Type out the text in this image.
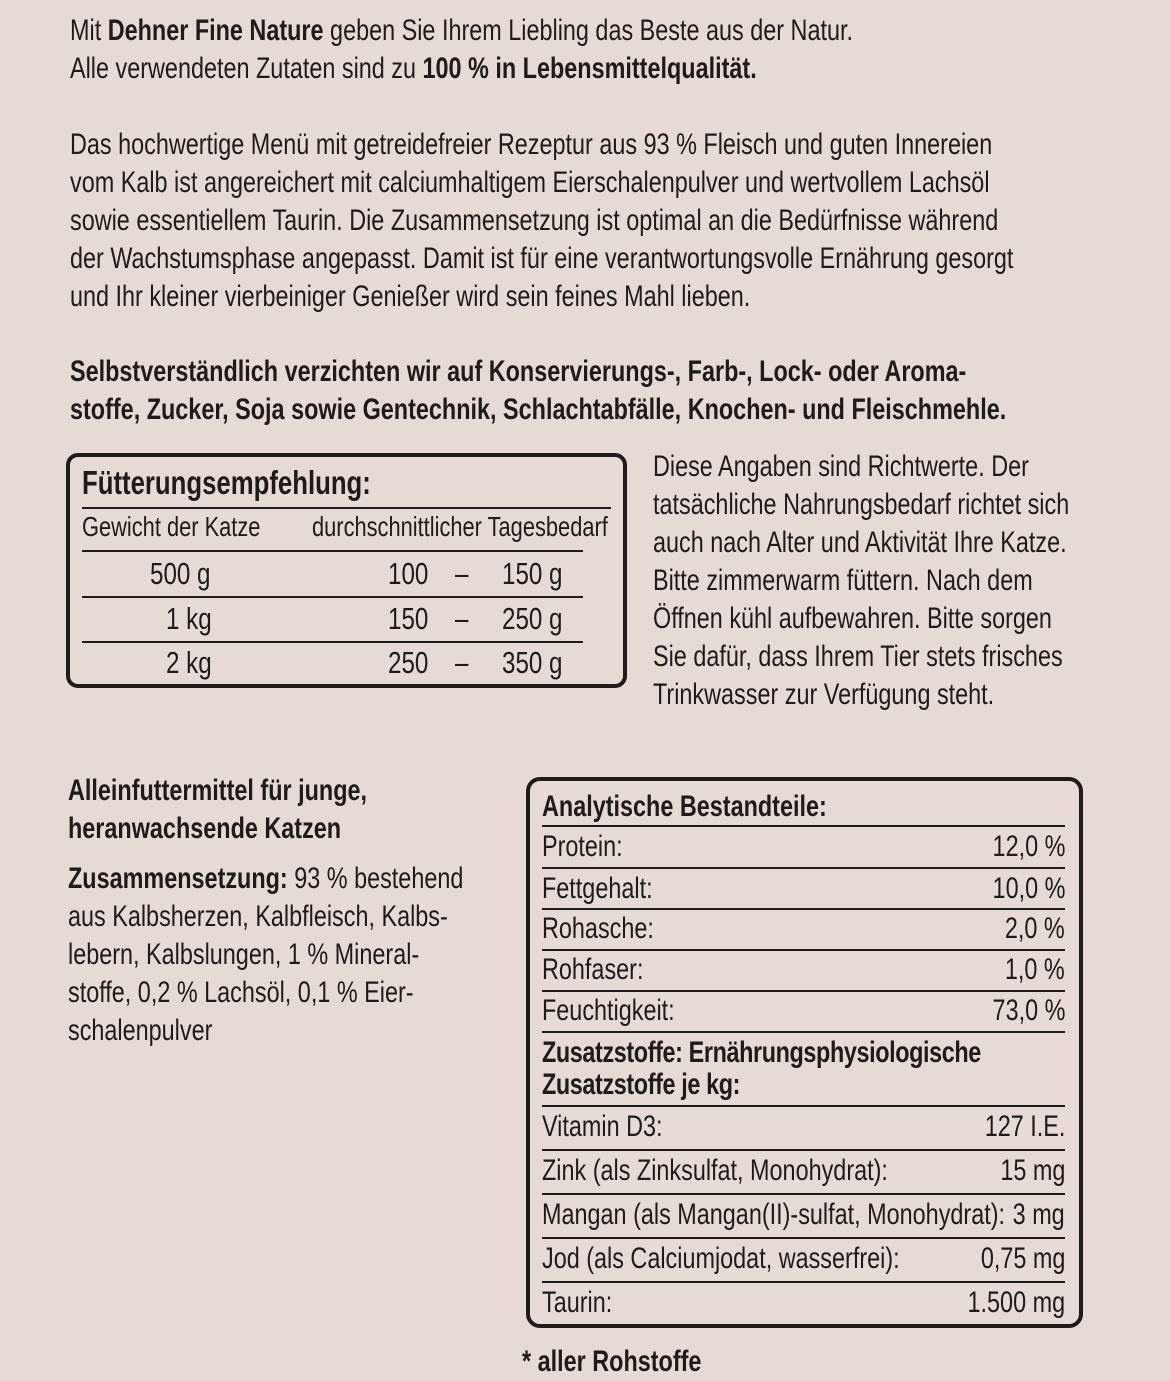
Mit Dehner Fine Nature geben Sie Ihrem Liebling das Beste aus der Natur.
Alle verwendeten Zutaten sind zu 100 % in Lebensmittelqualität.
Das hochwertige Menü mit getreidefreier Rezeptur aus 93 % Fleisch und guten Innereien
vom Kalb ist angereichert mit calciumhaltigem Eierschalenpulver und wertvollem Lachsöl
sowie essentiellem Taurin. Die Zusammensetzung ist optimal an die Bedürfnisse während
der Wachstumsphase angepasst. Damit ist für eine verantwortungsvolle Ernährung gesorgt
und Ihr kleiner vierbeiniger Genießer wird sein feines Mahl lieben.
Selbstverständlich verzichten wir auf Konservierungs-, Farb-, Lock- oder Aroma-
stoffe, Zucker, Soja sowie Gentechnik, Schlachtabfälle, Knochen- und Fleischmehle.
Fütterungsempfehlung:
Gewicht der Katze	durchschnittlicher Tagesbedarf
500 g	100 – 150 g
1 kg	150 – 250 g
2 kg	250 – 350 g
Diese Angaben sind Richtwerte. Der
tatsächliche Nahrungsbedarf richtet sich
auch nach Alter und Aktivität Ihre Katze.
Bitte zimmerwarm füttern. Nach dem
Öffnen kühl aufbewahren. Bitte sorgen
Sie dafür, dass Ihrem Tier stets frisches
Trinkwasser zur Verfügung steht.
Alleinfuttermittel für junge,
heranwachsende Katzen
Zusammensetzung: 93 % bestehend
aus Kalbsherzen, Kalbfleisch, Kalbs-
lebern, Kalbslungen, 1 % Mineral-
stoffe, 0,2 % Lachsöl, 0,1 % Eier-
schalenpulver
Analytische Bestandteile:
Protein:	12,0 %
Fettgehalt:	10,0 %
Rohasche:	2,0 %
Rohfaser:	1,0 %
Feuchtigkeit:	73,0 %
Zusatzstoffe: Ernährungsphysiologische
Zusatzstoffe je kg:
Vitamin D3:	127 I.E.
Zink (als Zinksulfat, Monohydrat):	15 mg
Mangan (als Mangan(II)-sulfat, Monohydrat): 3 mg
Jod (als Calciumjodat, wasserfrei):	0,75 mg
Taurin:	1.500 mg
* aller Rohstoffe
